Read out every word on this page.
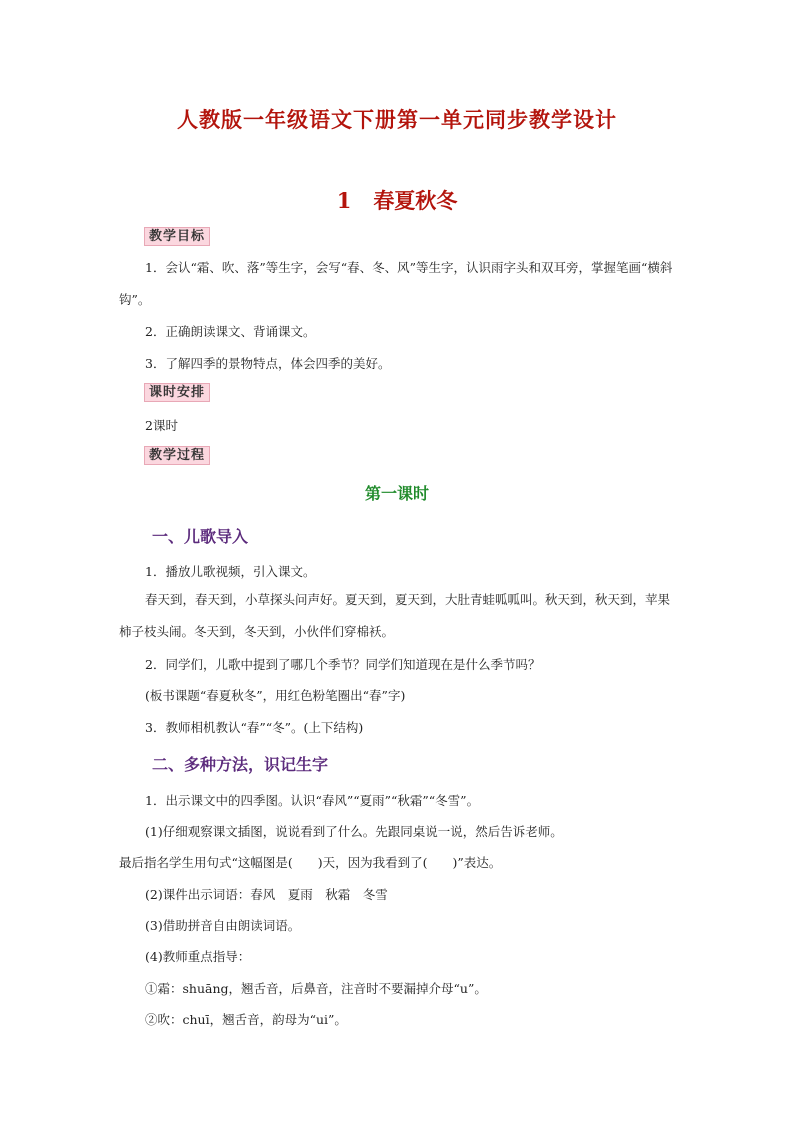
人教版一年级语文下册第一单元同步教学设计
1 春夏秋冬
教学目标
1．会认“霜、吹、落”等生字，会写“春、冬、风”等生字，认识雨字头和双耳旁，掌握笔画“横斜钩”。
2．正确朗读课文、背诵课文。
3．了解四季的景物特点，体会四季的美好。
课时安排
2课时
教学过程
第一课时
一、儿歌导入
1．播放儿歌视频，引入课文。
春天到，春天到，小草探头问声好。夏天到，夏天到，大肚青蛙呱呱叫。秋天到，秋天到，苹果柿子枝头闹。冬天到，冬天到，小伙伴们穿棉袄。
2．同学们，儿歌中提到了哪几个季节？同学们知道现在是什么季节吗？
(板书课题“春夏秋冬”，用红色粉笔圈出“春”字)
3．教师相机教认“春”“冬”。(上下结构)
二、多种方法，识记生字
1．出示课文中的四季图。认识“春风”“夏雨”“秋霜”“冬雪”。
(1)仔细观察课文插图，说说看到了什么。先跟同桌说一说，然后告诉老师。
最后指名学生用句式“这幅图是(　　)天，因为我看到了(　　)”表达。
(2)课件出示词语：春风　夏雨　秋霜　冬雪
(3)借助拼音自由朗读词语。
(4)教师重点指导：
①霜：shuāng，翘舌音，后鼻音，注音时不要漏掉介母“u”。
②吹：chuī，翘舌音，韵母为“ui”。
